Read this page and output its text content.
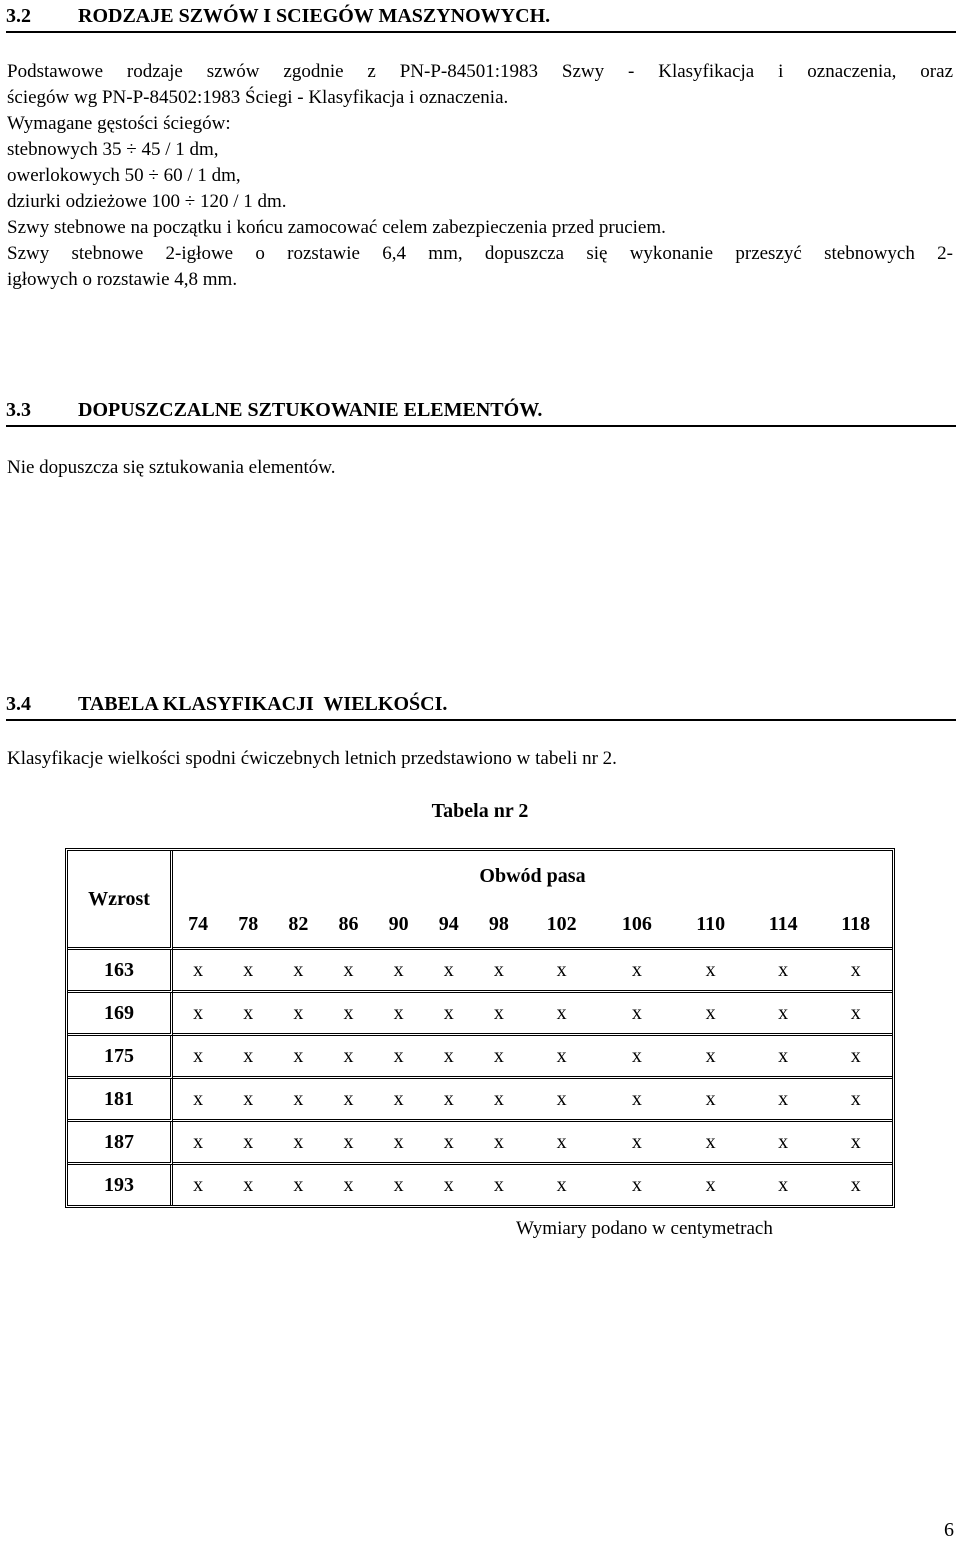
3.2 RODZAJE SZWÓW I SCIEGÓW MASZYNOWYCH.
Podstawowe rodzaje szwów zgodnie z PN-P-84501:1983 Szwy - Klasyfikacja i oznaczenia, oraz
ściegów wg PN-P-84502:1983 Ściegi - Klasyfikacja i oznaczenia.
Wymagane gęstości ściegów:
stebnowych 35 ÷ 45 / 1 dm,
owerlokowych 50 ÷ 60 / 1 dm,
dziurki odzieżowe 100 ÷ 120 / 1 dm.
Szwy stebnowe na początku i końcu zamocować celem zabezpieczenia przed pruciem.
Szwy stebnowe 2-igłowe o rozstawie 6,4 mm, dopuszcza się wykonanie przeszyć stebnowych 2-
igłowych o rozstawie 4,8 mm.
3.3 DOPUSZCZALNE SZTUKOWANIE ELEMENTÓW.
Nie dopuszcza się sztukowania elementów.
3.4 TABELA KLASYFIKACJI  WIELKOŚCI.
Klasyfikacje wielkości spodni ćwiczebnych letnich przedstawiono w tabeli nr 2.
Tabela nr 2
Wzrost	Obwód pasa											
	74	78	82	86	90	94	98	102	106	110	114	118
163	x	x	x	x	x	x	x	x	x	x	x	x
169	x	x	x	x	x	x	x	x	x	x	x	x
175	x	x	x	x	x	x	x	x	x	x	x	x
181	x	x	x	x	x	x	x	x	x	x	x	x
187	x	x	x	x	x	x	x	x	x	x	x	x
193	x	x	x	x	x	x	x	x	x	x	x	x
Wymiary podano w centymetrach
6
